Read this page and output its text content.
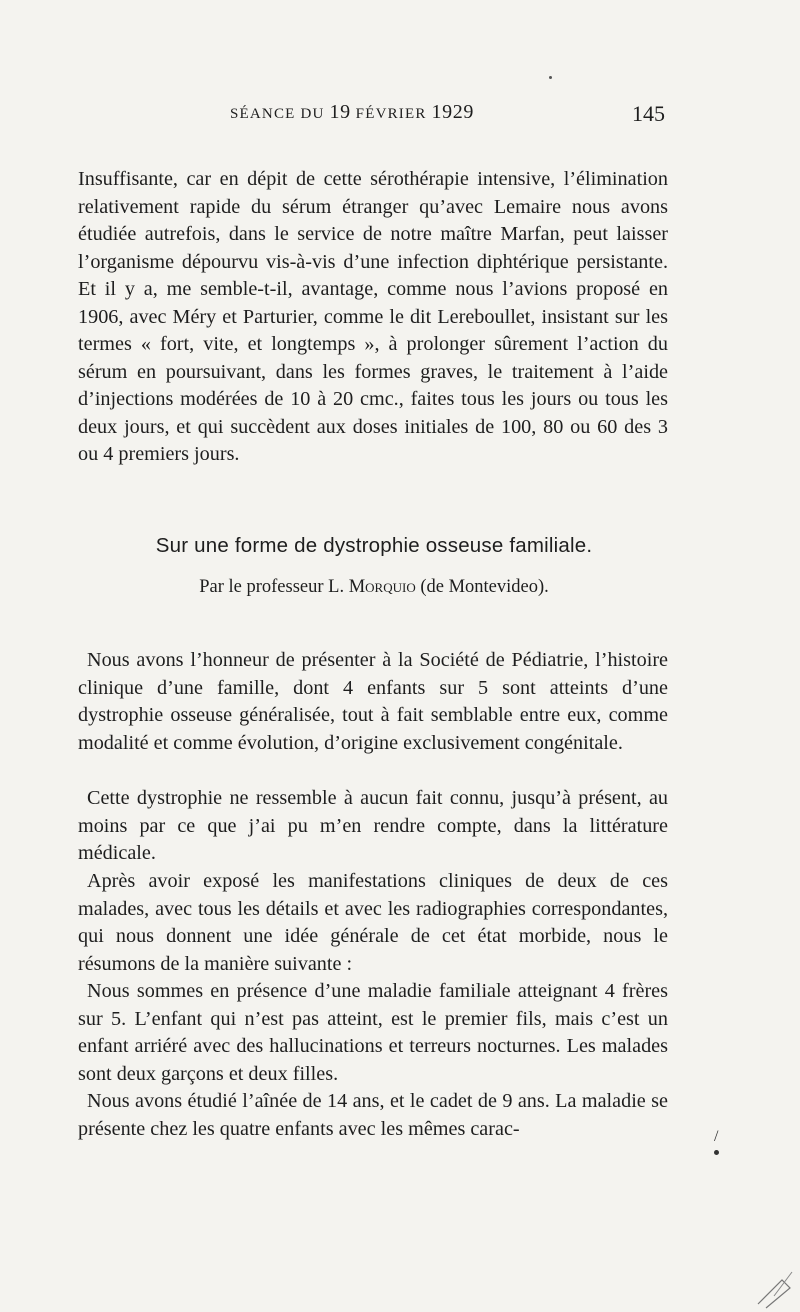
SÉANCE DU 19 FÉVRIER 1929	145

Insuffisante, car en dépit de cette sérothérapie intensive, l’élimination relativement rapide du sérum étranger qu’avec Lemaire nous avons étudiée autrefois, dans le service de notre maître Marfan, peut laisser l’organisme dépourvu vis-à-vis d’une infection diphtérique persistante. Et il y a, me semble-t-il, avantage, comme nous l’avions proposé en 1906, avec Méry et Parturier, comme le dit Lereboullet, insistant sur les termes « fort, vite, et longtemps », à prolonger sûrement l’action du sérum en poursuivant, dans les formes graves, le traitement à l’aide d’injections modérées de 10 à 20 cmc., faites tous les jours ou tous les deux jours, et qui succèdent aux doses initiales de 100, 80 ou 60 des 3 ou 4 premiers jours.

Sur une forme de dystrophie osseuse familiale.
Par le professeur L. Morquio (de Montevideo).

Nous avons l’honneur de présenter à la Société de Pédiatrie, l’histoire clinique d’une famille, dont 4 enfants sur 5 sont atteints d’une dystrophie osseuse généralisée, tout à fait semblable entre eux, comme modalité et comme évolution, d’origine exclusivement congénitale.

Cette dystrophie ne ressemble à aucun fait connu, jusqu’à présent, au moins par ce que j’ai pu m’en rendre compte, dans la littérature médicale.

Après avoir exposé les manifestations cliniques de deux de ces malades, avec tous les détails et avec les radiographies correspondantes, qui nous donnent une idée générale de cet état morbide, nous le résumons de la manière suivante :

Nous sommes en présence d’une maladie familiale atteignant 4 frères sur 5. L’enfant qui n’est pas atteint, est le premier fils, mais c’est un enfant arriéré avec des hallucinations et terreurs nocturnes. Les malades sont deux garçons et deux filles.

Nous avons étudié l’aînée de 14 ans, et le cadet de 9 ans. La maladie se présente chez les quatre enfants avec les mêmes carac-	/
